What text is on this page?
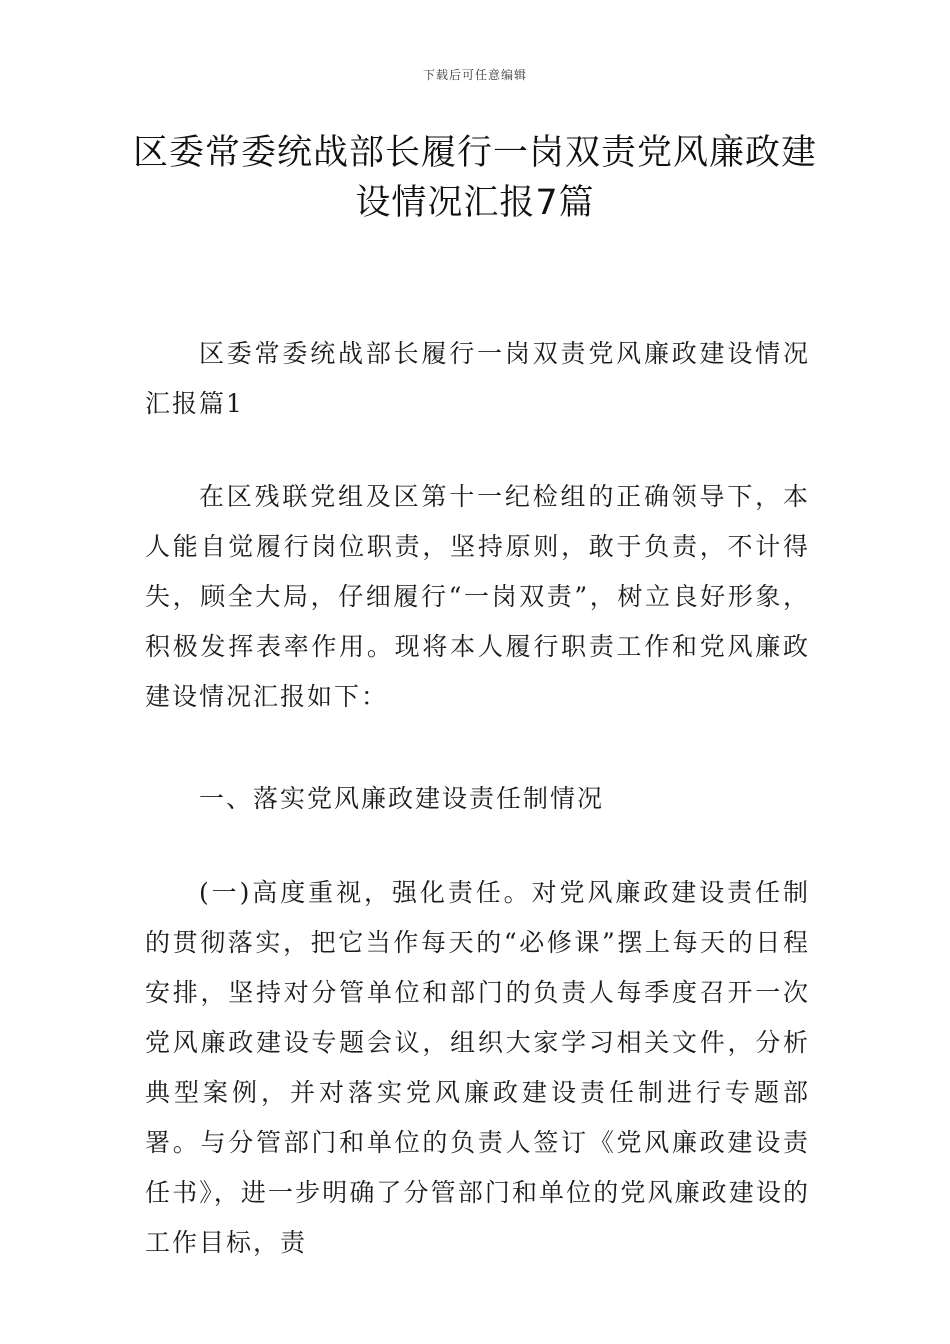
下载后可任意编辑
区委常委统战部长履行一岗双责党风廉政建设情况汇报7篇

区委常委统战部长履行一岗双责党风廉政建设情况汇报篇1

在区残联党组及区第十一纪检组的正确领导下，本人能自觉履行岗位职责，坚持原则，敢于负责，不计得失，顾全大局，仔细履行“一岗双责”，树立良好形象，积极发挥表率作用。现将本人履行职责工作和党风廉政建设情况汇报如下：

一、落实党风廉政建设责任制情况

(一)高度重视，强化责任。对党风廉政建设责任制的贯彻落实，把它当作每天的“必修课”摆上每天的日程安排，坚持对分管单位和部门的负责人每季度召开一次党风廉政建设专题会议，组织大家学习相关文件，分析典型案例，并对落实党风廉政建设责任制进行专题部署。与分管部门和单位的负责人签订《党风廉政建设责任书》，进一步明确了分管部门和单位的党风廉政建设的工作目标，责
